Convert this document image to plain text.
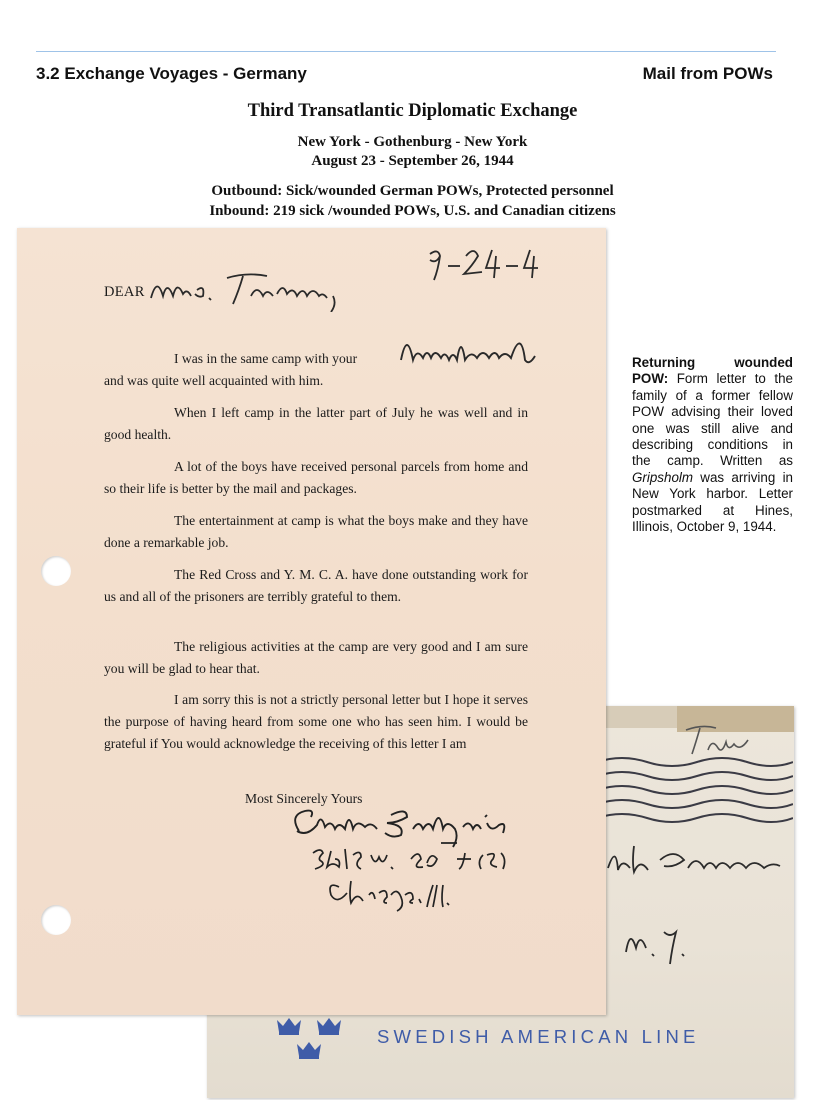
3.2 Exchange Voyages - Germany	Mail from POWs
Third Transatlantic Diplomatic Exchange
New York - Gothenburg - New York
August 23 - September 26, 1944
Outbound: Sick/wounded German POWs, Protected personnel
Inbound: 219 sick /wounded POWs, U.S. and Canadian citizens
SWEDISH AMERICAN LINE
DEAR
I was in the same camp with your
and was quite well acquainted with him.
When I left camp in the latter part of July he was well and in good health.
A lot of the boys have received personal parcels from home and so their life is better by the mail and packages.
The entertainment at camp is what the boys make and they have done a remarkable job.
The Red Cross and Y. M. C. A. have done outstanding work for us and all of the prisoners are terribly grateful to them.
The religious activities at the camp are very good and I am sure you will be glad to hear that.
I am sorry this is not a strictly personal letter but I hope it serves the purpose of having heard from some one who has seen him. I would be grateful if You would acknowledge the receiving of this letter I am
Most Sincerely Yours
Returning wounded POW: Form letter to the family of a former fellow POW advising their loved one was still alive and describing conditions in the camp. Written as Gripsholm was arriving in New York harbor. Letter postmarked at Hines, Illinois, October 9, 1944.
